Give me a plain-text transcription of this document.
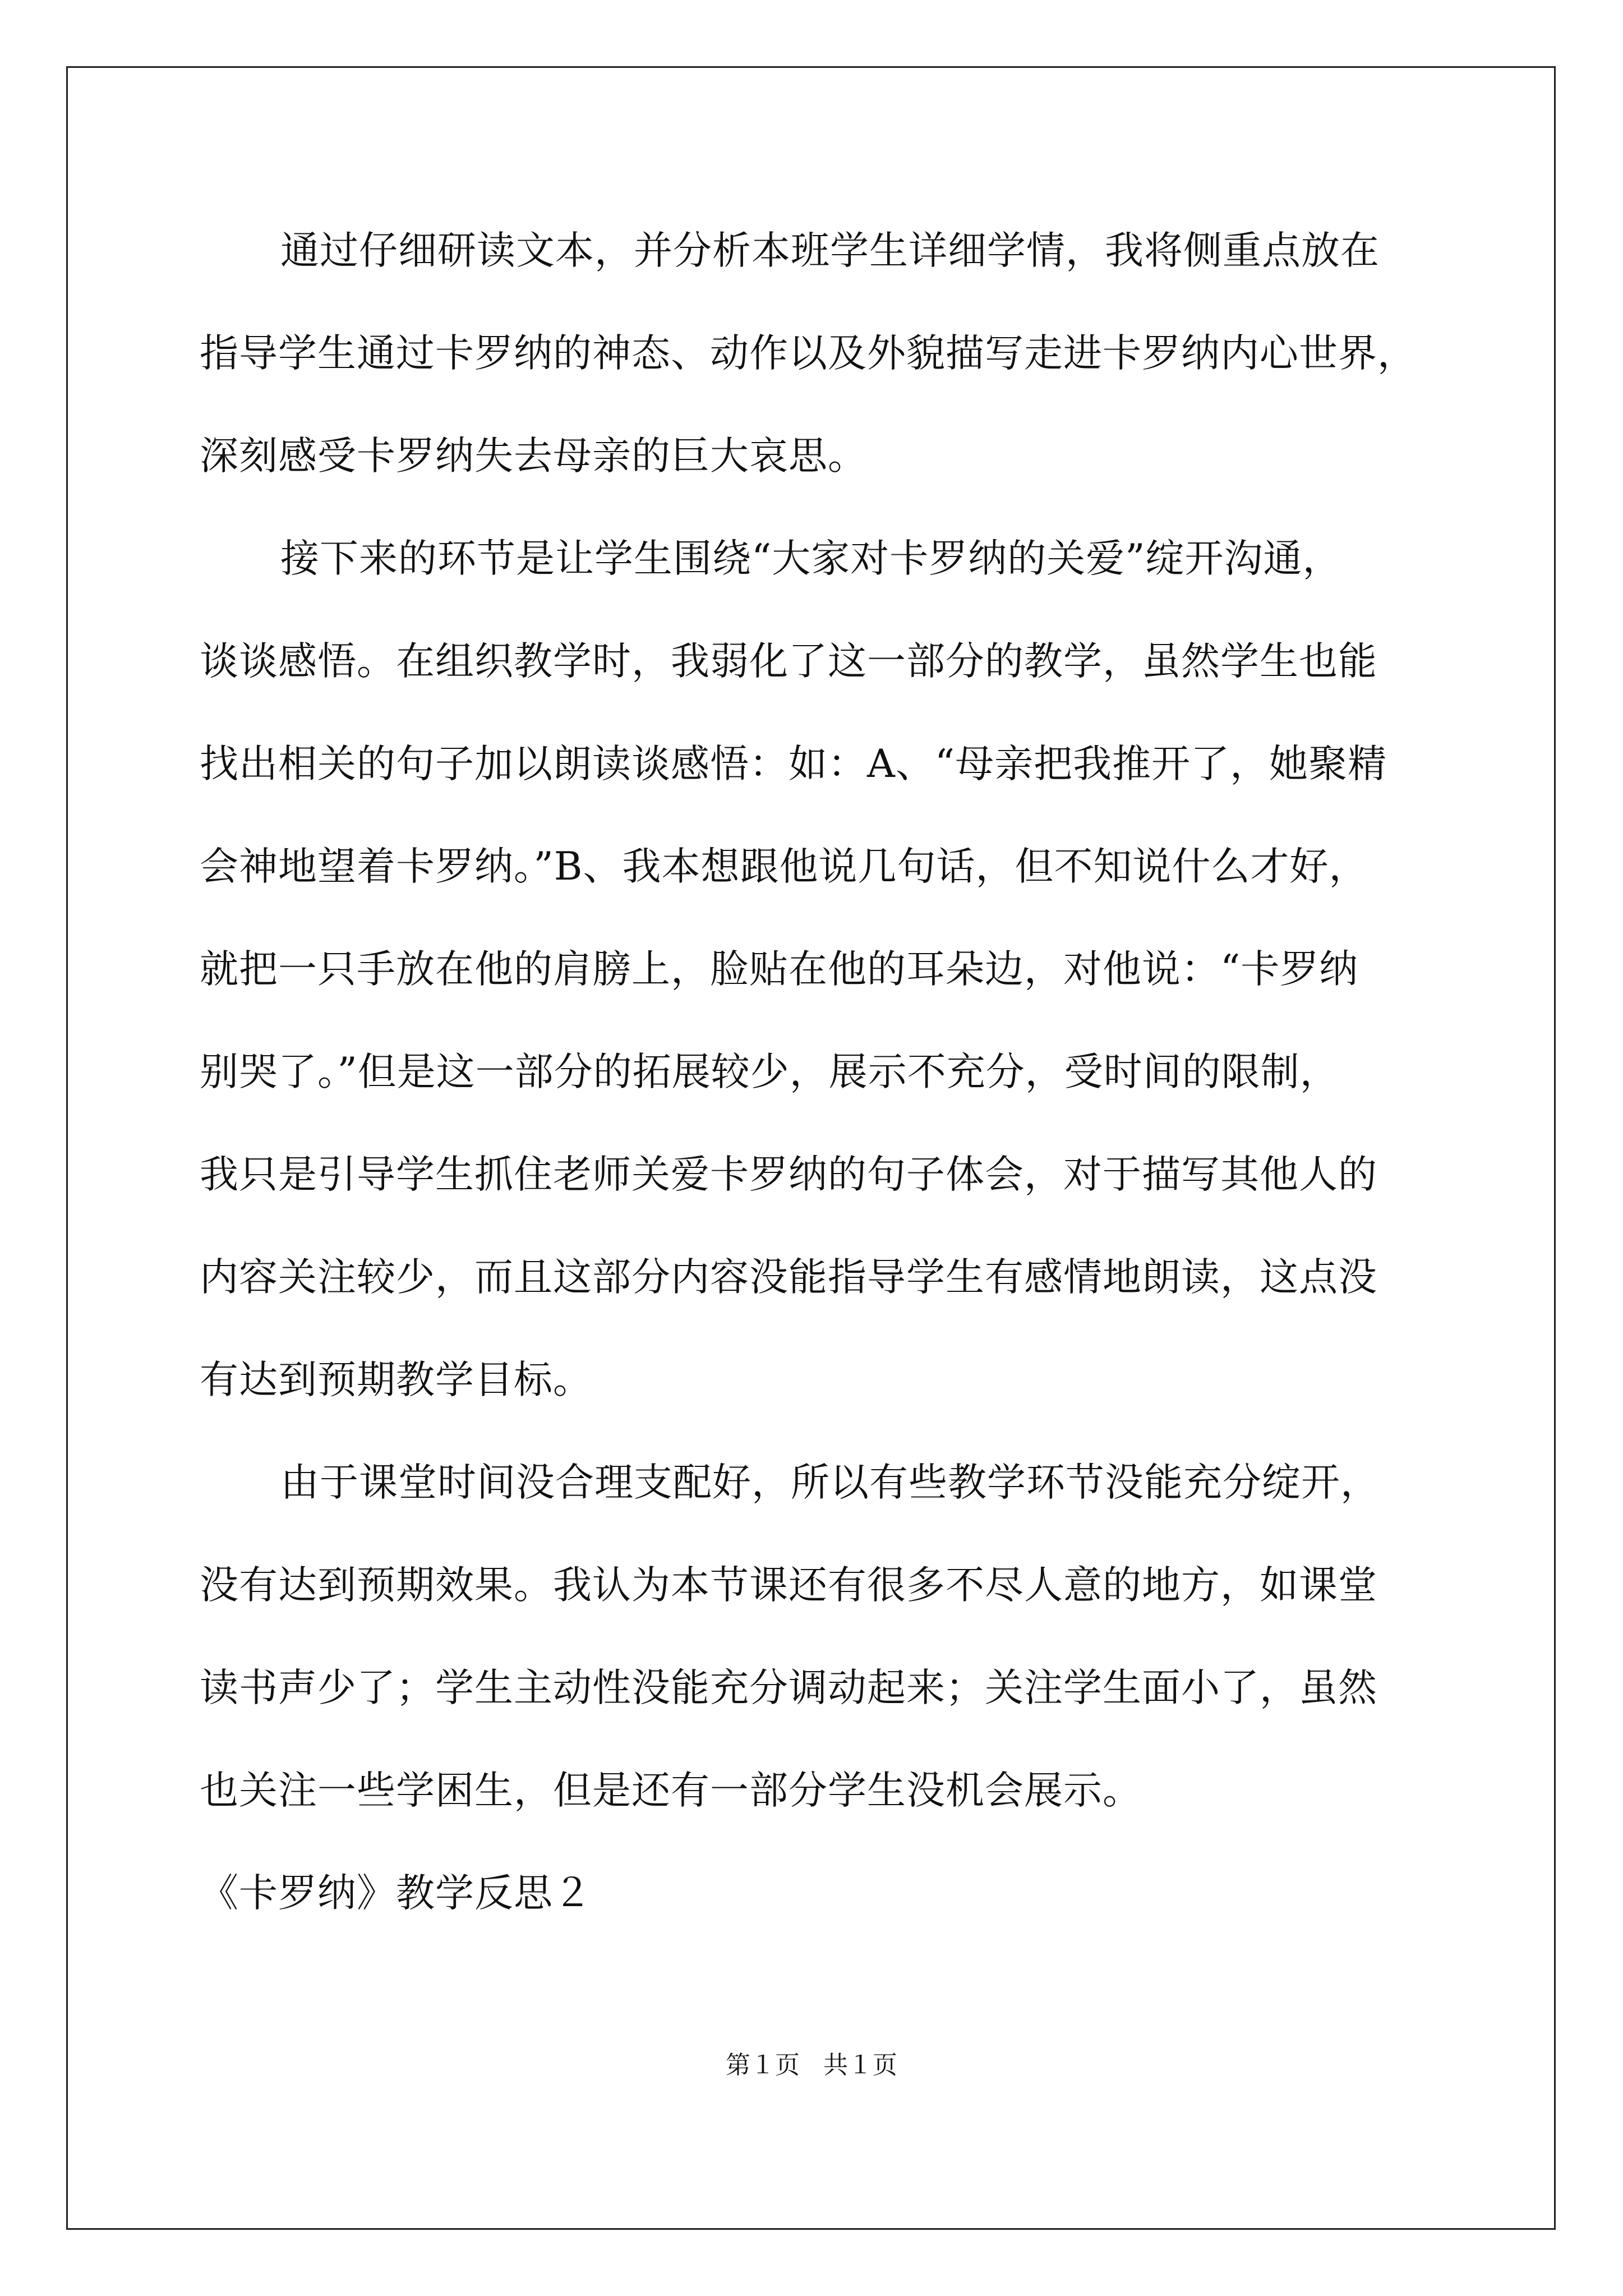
通过仔细研读文本，并分析本班学生详细学情，我将侧重点放在
指导学生通过卡罗纳的神态、动作以及外貌描写走进卡罗纳内心世界，
深刻感受卡罗纳失去母亲的巨大哀思。
接下来的环节是让学生围绕“大家对卡罗纳的关爱”绽开沟通，
谈谈感悟。在组织教学时，我弱化了这一部分的教学，虽然学生也能
找出相关的句子加以朗读谈感悟：如：A、“母亲把我推开了，她聚精
会神地望着卡罗纳。”B、我本想跟他说几句话，但不知说什么才好，
就把一只手放在他的肩膀上，脸贴在他的耳朵边，对他说：“卡罗纳
别哭了。”但是这一部分的拓展较少，展示不充分，受时间的限制，
我只是引导学生抓住老师关爱卡罗纳的句子体会，对于描写其他人的
内容关注较少，而且这部分内容没能指导学生有感情地朗读，这点没
有达到预期教学目标。
由于课堂时间没合理支配好，所以有些教学环节没能充分绽开，
没有达到预期效果。我认为本节课还有很多不尽人意的地方，如课堂
读书声少了；学生主动性没能充分调动起来；关注学生面小了，虽然
也关注一些学困生，但是还有一部分学生没机会展示。
《卡罗纳》教学反思２
第１页   共１页
